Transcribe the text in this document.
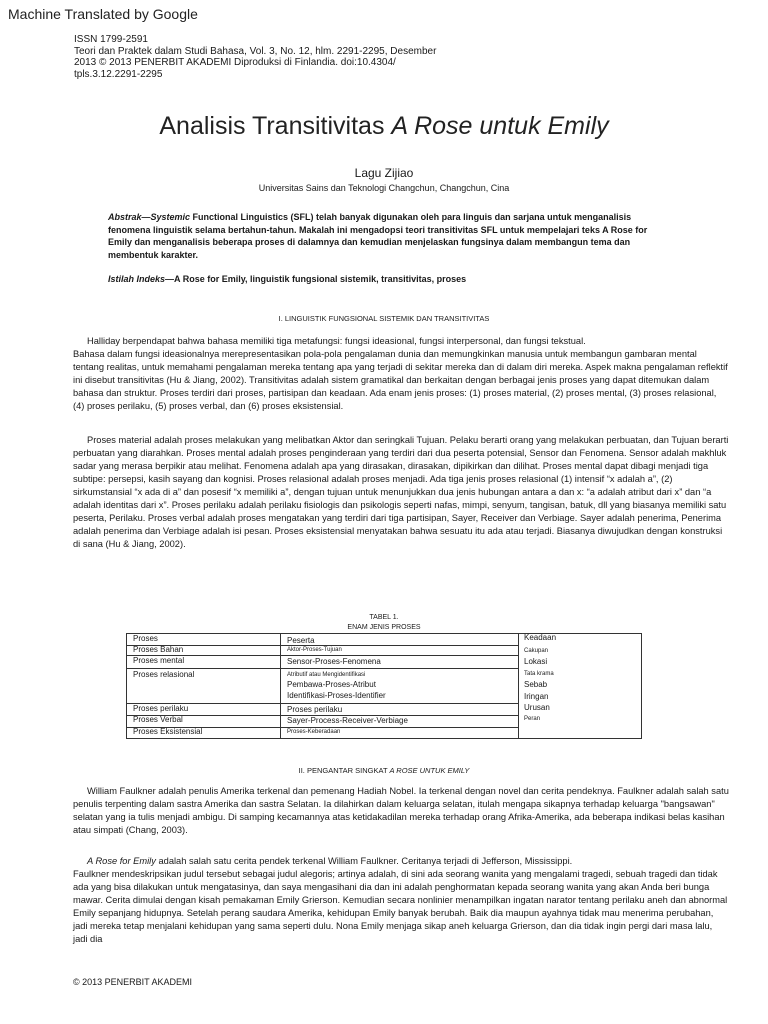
Machine Translated by Google
ISSN 1799-2591
Teori dan Praktek dalam Studi Bahasa, Vol. 3, No. 12, hlm. 2291-2295, Desember
2013 © 2013 PENERBIT AKADEMI Diproduksi di Finlandia. doi:10.4304/
tpls.3.12.2291-2295
Analisis Transitivitas A Rose untuk Emily
Lagu Zijiao
Universitas Sains dan Teknologi Changchun, Changchun, Cina
Abstrak—Systemic Functional Linguistics (SFL) telah banyak digunakan oleh para linguis dan sarjana untuk menganalisis fenomena linguistik selama bertahun-tahun. Makalah ini mengadopsi teori transitivitas SFL untuk mempelajari teks A Rose for Emily dan menganalisis beberapa proses di dalamnya dan kemudian menjelaskan fungsinya dalam membangun tema dan membentuk karakter.
Istilah Indeks—A Rose for Emily, linguistik fungsional sistemik, transitivitas, proses
I. LINGUISTIK FUNGSIONAL SISTEMIK DAN TRANSITIVITAS

Halliday berpendapat bahwa bahasa memiliki tiga metafungsi: fungsi ideasional, fungsi interpersonal, dan fungsi tekstual.

Bahasa dalam fungsi ideasionalnya merepresentasikan pola-pola pengalaman dunia dan memungkinkan manusia untuk membangun gambaran mental tentang realitas, untuk memahami pengalaman mereka tentang apa yang terjadi di sekitar mereka dan di dalam diri mereka. Aspek makna pengalaman reflektif ini disebut transitivitas (Hu & Jiang, 2002). Transitivitas adalah sistem gramatikal dan berkaitan dengan berbagai jenis proses yang dapat ditemukan dalam bahasa dan struktur. Proses terdiri dari proses, partisipan dan keadaan. Ada enam jenis proses: (1) proses material, (2) proses mental, (3) proses relasional, (4) proses perilaku, (5) proses verbal, dan (6) proses eksistensial.

Proses material adalah proses melakukan yang melibatkan Aktor dan seringkali Tujuan. Pelaku berarti orang yang melakukan perbuatan, dan Tujuan berarti perbuatan yang diarahkan. Proses mental adalah proses penginderaan yang terdiri dari dua peserta potensial, Sensor dan Fenomena. Sensor adalah makhluk sadar yang merasa berpikir atau melihat. Fenomena adalah apa yang dirasakan, dirasakan, dipikirkan dan dilihat. Proses mental dapat dibagi menjadi tiga subtipe: persepsi, kasih sayang dan kognisi. Proses relasional adalah proses menjadi. Ada tiga jenis proses relasional (1) intensif “x adalah a”, (2) sirkumstansial “x ada di a” dan posesif “x memiliki a”, dengan tujuan untuk menunjukkan dua jenis hubungan antara a dan x: “a adalah atribut dari x” dan “a adalah identitas dari x”. Proses perilaku adalah perilaku fisiologis dan psikologis seperti nafas, mimpi, senyum, tangisan, batuk, dll yang biasanya memiliki satu peserta, Perilaku. Proses verbal adalah proses mengatakan yang terdiri dari tiga partisipan, Sayer, Receiver dan Verbiage. Sayer adalah penerima, Penerima adalah penerima dan Verbiage adalah isi pesan. Proses eksistensial menyatakan bahwa sesuatu itu ada atau terjadi. Biasanya diwujudkan dengan konstruksi di sana (Hu & Jiang, 2002).

TABEL 1.
ENAM JENIS PROSES
Proses	Peserta	Keadaan
Proses Bahan
Proses mental
Proses relasional
Proses perilaku
Proses Verbal
Proses Eksistensial
Aktor-Proses-Tujuan
Sensor-Proses-Fenomena
Atributif atau Mengidentifikasi
Pembawa-Proses-Atribut
Identifikasi-Proses-Identifier
Proses perilaku
Sayer-Process-Receiver-Verbiage
Proses-Keberadaan
Cakupan
Lokasi
Tata krama
Sebab
Iringan
Urusan
Peran
II. PENGANTAR SINGKAT A ROSE UNTUK EMILY

William Faulkner adalah penulis Amerika terkenal dan pemenang Hadiah Nobel. Ia terkenal dengan novel dan cerita pendeknya. Faulkner adalah salah satu penulis terpenting dalam sastra Amerika dan sastra Selatan. Ia dilahirkan dalam keluarga selatan, itulah mengapa sikapnya terhadap keluarga "bangsawan" selatan yang ia tulis menjadi ambigu. Di samping kecamannya atas ketidakadilan mereka terhadap orang Afrika-Amerika, ada beberapa indikasi belas kasihan atau simpati (Chang, 2003).

A Rose for Emily adalah salah satu cerita pendek terkenal William Faulkner. Ceritanya terjadi di Jefferson, Mississippi.

Faulkner mendeskripsikan judul tersebut sebagai judul alegoris; artinya adalah, di sini ada seorang wanita yang mengalami tragedi, sebuah tragedi dan tidak ada yang bisa dilakukan untuk mengatasinya, dan saya mengasihani dia dan ini adalah penghormatan kepada seorang wanita yang akan Anda beri bunga mawar. Cerita dimulai dengan kisah pemakaman Emily Grierson. Kemudian secara nonlinier menampilkan ingatan narator tentang perilaku aneh dan abnormal Emily sepanjang hidupnya. Setelah perang saudara Amerika, kehidupan Emily banyak berubah. Baik dia maupun ayahnya tidak mau menerima perubahan, jadi mereka tetap menjalani kehidupan yang sama seperti dulu. Nona Emily menjaga sikap aneh keluarga Grierson, dan dia tidak ingin pergi dari masa lalu, jadi dia

© 2013 PENERBIT AKADEMI
